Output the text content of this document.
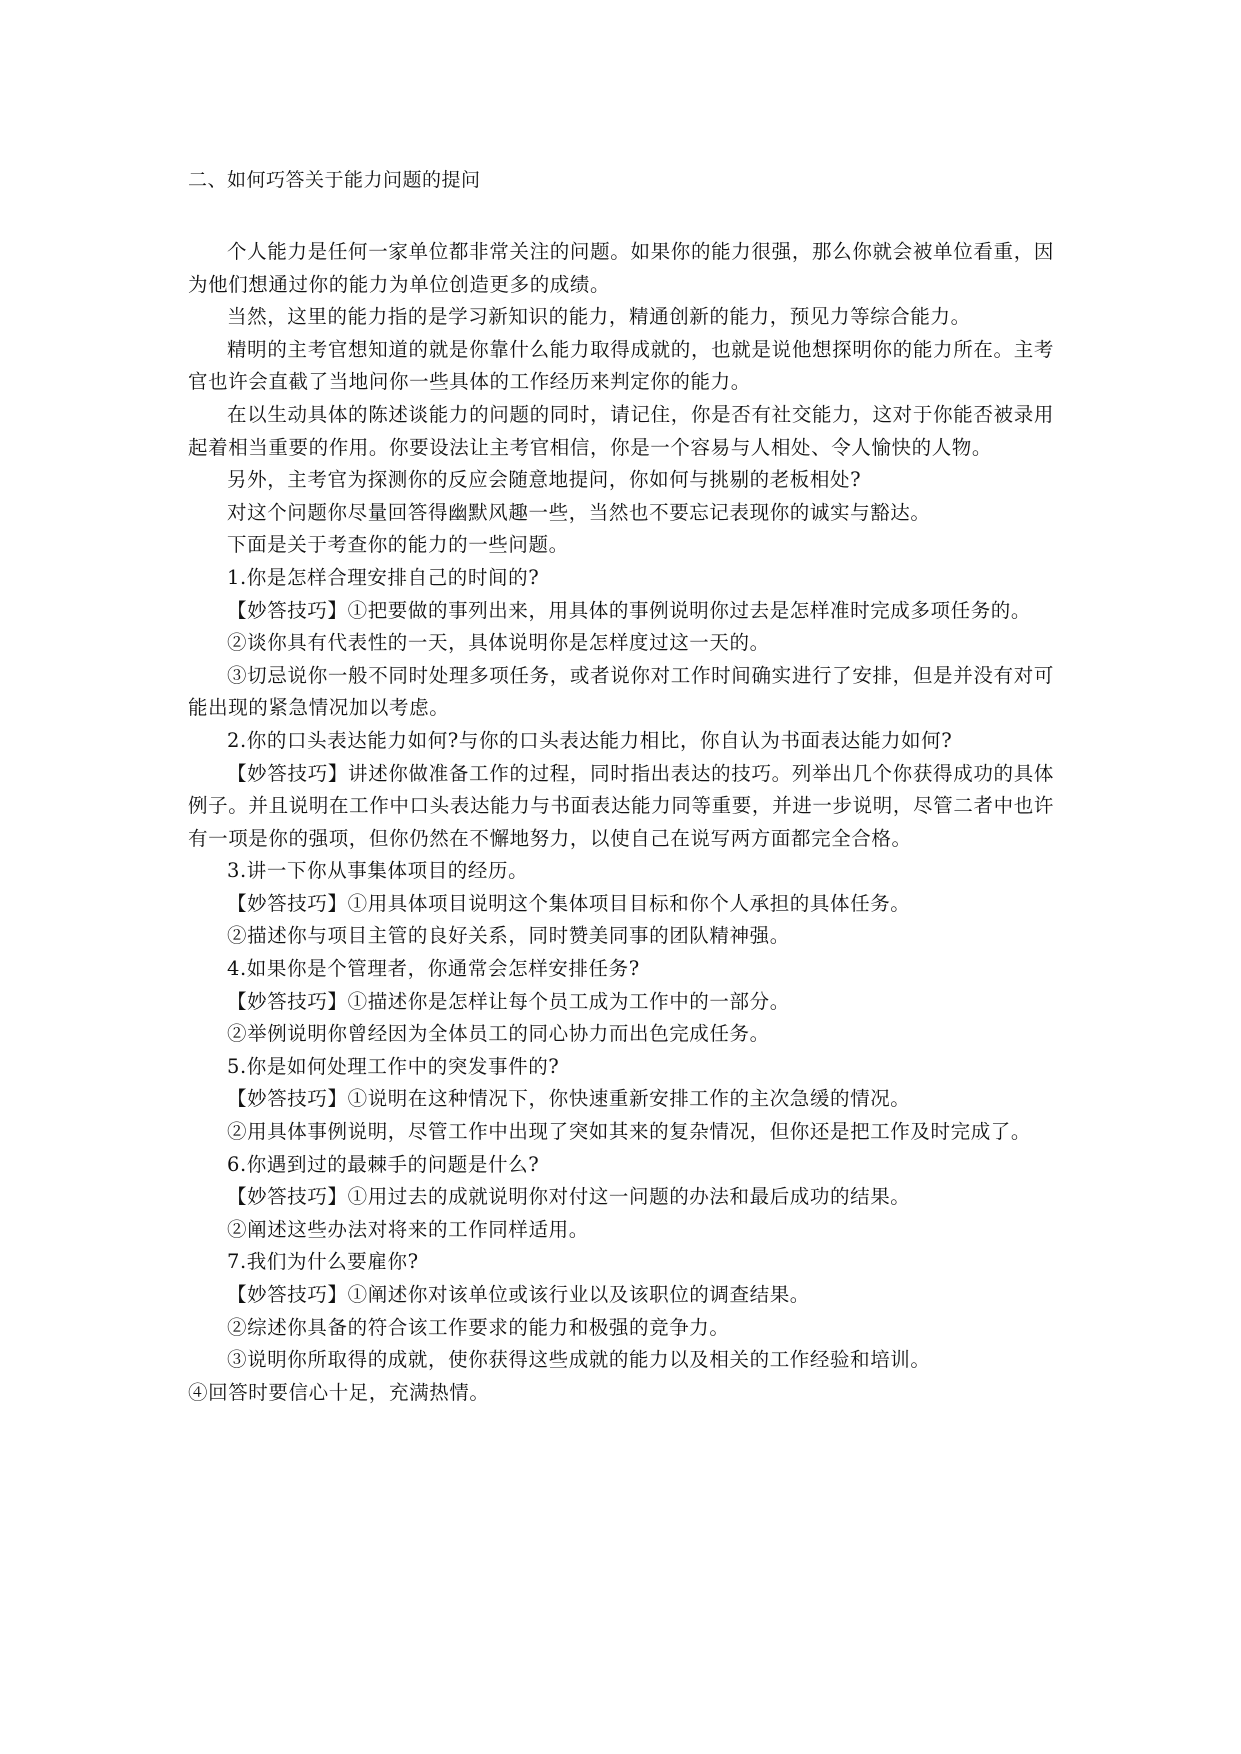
二、如何巧答关于能力问题的提问

个人能力是任何一家单位都非常关注的问题。如果你的能力很强，那么你就会被单位看重，因为他们想通过你的能力为单位创造更多的成绩。

当然，这里的能力指的是学习新知识的能力，精通创新的能力，预见力等综合能力。

精明的主考官想知道的就是你靠什么能力取得成就的，也就是说他想探明你的能力所在。主考官也许会直截了当地问你一些具体的工作经历来判定你的能力。

在以生动具体的陈述谈能力的问题的同时，请记住，你是否有社交能力，这对于你能否被录用起着相当重要的作用。你要设法让主考官相信，你是一个容易与人相处、令人愉快的人物。

另外，主考官为探测你的反应会随意地提问，你如何与挑剔的老板相处?

对这个问题你尽量回答得幽默风趣一些，当然也不要忘记表现你的诚实与豁达。

下面是关于考查你的能力的一些问题。

1.你是怎样合理安排自己的时间的?

【妙答技巧】①把要做的事列出来，用具体的事例说明你过去是怎样准时完成多项任务的。

②谈你具有代表性的一天，具体说明你是怎样度过这一天的。

③切忌说你一般不同时处理多项任务，或者说你对工作时间确实进行了安排，但是并没有对可能出现的紧急情况加以考虑。

2.你的口头表达能力如何?与你的口头表达能力相比，你自认为书面表达能力如何?

【妙答技巧】讲述你做准备工作的过程，同时指出表达的技巧。列举出几个你获得成功的具体例子。并且说明在工作中口头表达能力与书面表达能力同等重要，并进一步说明，尽管二者中也许有一项是你的强项，但你仍然在不懈地努力，以使自己在说写两方面都完全合格。

3.讲一下你从事集体项目的经历。

【妙答技巧】①用具体项目说明这个集体项目目标和你个人承担的具体任务。

②描述你与项目主管的良好关系，同时赞美同事的团队精神强。

4.如果你是个管理者，你通常会怎样安排任务?

【妙答技巧】①描述你是怎样让每个员工成为工作中的一部分。

②举例说明你曾经因为全体员工的同心协力而出色完成任务。

5.你是如何处理工作中的突发事件的?

【妙答技巧】①说明在这种情况下，你快速重新安排工作的主次急缓的情况。

②用具体事例说明，尽管工作中出现了突如其来的复杂情况，但你还是把工作及时完成了。

6.你遇到过的最棘手的问题是什么?

【妙答技巧】①用过去的成就说明你对付这一问题的办法和最后成功的结果。

②阐述这些办法对将来的工作同样适用。

7.我们为什么要雇你?

【妙答技巧】①阐述你对该单位或该行业以及该职位的调查结果。

②综述你具备的符合该工作要求的能力和极强的竞争力。

③说明你所取得的成就，使你获得这些成就的能力以及相关的工作经验和培训。

④回答时要信心十足，充满热情。
